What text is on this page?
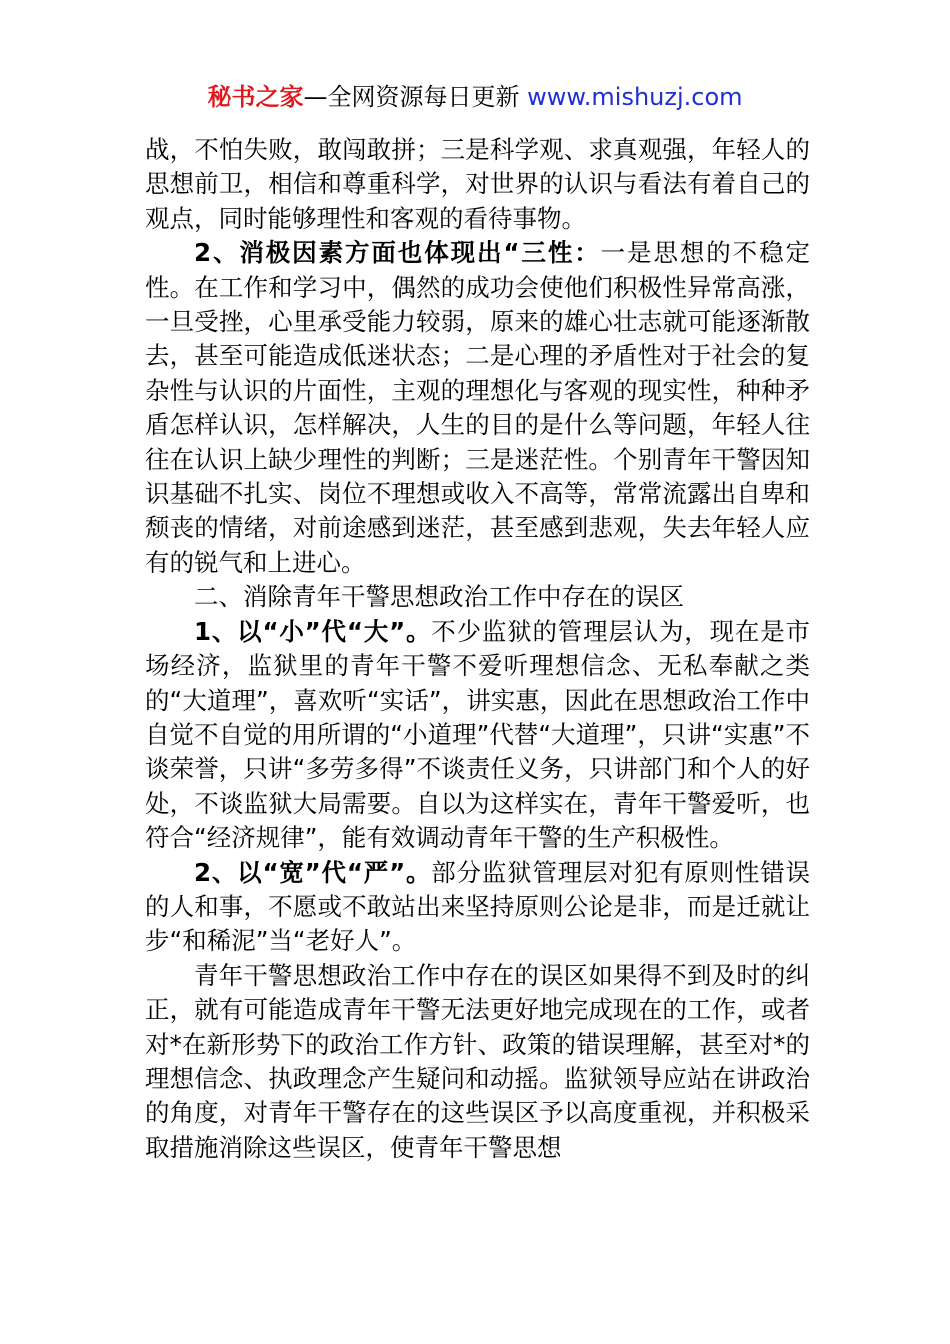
秘书之家—全网资源每日更新 www.mishuzj.com

战，不怕失败，敢闯敢拼；三是科学观、求真观强，年轻人的思想前卫，相信和尊重科学，对世界的认识与看法有着自己的观点，同时能够理性和客观的看待事物。

2、消极因素方面也体现出“三性：一是思想的不稳定性。在工作和学习中，偶然的成功会使他们积极性异常高涨，一旦受挫，心里承受能力较弱，原来的雄心壮志就可能逐渐散去，甚至可能造成低迷状态；二是心理的矛盾性对于社会的复杂性与认识的片面性，主观的理想化与客观的现实性，种种矛盾怎样认识，怎样解决，人生的目的是什么等问题，年轻人往往在认识上缺少理性的判断；三是迷茫性。个别青年干警因知识基础不扎实、岗位不理想或收入不高等，常常流露出自卑和颓丧的情绪，对前途感到迷茫，甚至感到悲观，失去年轻人应有的锐气和上进心。

二、消除青年干警思想政治工作中存在的误区

1、以“小”代“大”。不少监狱的管理层认为，现在是市场经济，监狱里的青年干警不爱听理想信念、无私奉献之类的“大道理”，喜欢听“实话”，讲实惠，因此在思想政治工作中自觉不自觉的用所谓的“小道理”代替“大道理”，只讲“实惠”不谈荣誉，只讲“多劳多得”不谈责任义务，只讲部门和个人的好处，不谈监狱大局需要。自以为这样实在，青年干警爱听，也符合“经济规律”，能有效调动青年干警的生产积极性。

2、以“宽”代“严”。部分监狱管理层对犯有原则性错误的人和事，不愿或不敢站出来坚持原则公论是非，而是迁就让步“和稀泥”当“老好人”。

青年干警思想政治工作中存在的误区如果得不到及时的纠正，就有可能造成青年干警无法更好地完成现在的工作，或者对*在新形势下的政治工作方针、政策的错误理解，甚至对*的理想信念、执政理念产生疑问和动摇。监狱领导应站在讲政治的角度，对青年干警存在的这些误区予以高度重视，并积极采取措施消除这些误区，使青年干警思想
